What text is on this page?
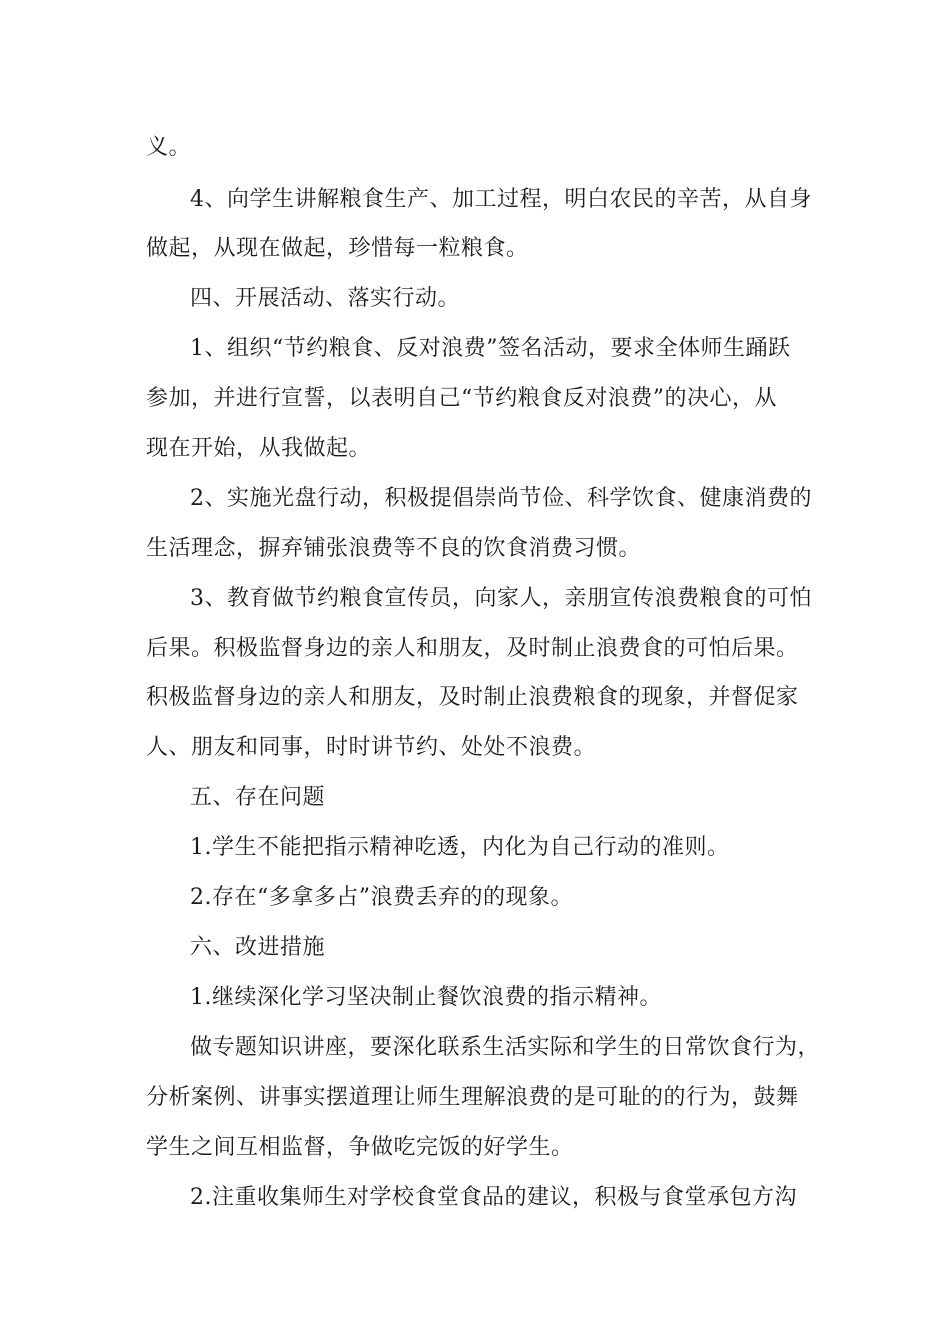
义。
4、向学生讲解粮食生产、加工过程，明白农民的辛苦，从自身
做起，从现在做起，珍惜每一粒粮食。
四、开展活动、落实行动。
1、组织“节约粮食、反对浪费”签名活动，要求全体师生踊跃
参加，并进行宣誓，以表明自己“节约粮食反对浪费”的决心，从
现在开始，从我做起。
2、实施光盘行动，积极提倡崇尚节俭、科学饮食、健康消费的
生活理念，摒弃铺张浪费等不良的饮食消费习惯。
3、教育做节约粮食宣传员，向家人，亲朋宣传浪费粮食的可怕
后果。积极监督身边的亲人和朋友，及时制止浪费食的可怕后果。
积极监督身边的亲人和朋友，及时制止浪费粮食的现象，并督促家
人、朋友和同事，时时讲节约、处处不浪费。
五、存在问题
1.学生不能把指示精神吃透，内化为自己行动的准则。
2.存在“多拿多占”浪费丢弃的的现象。
六、改进措施
1.继续深化学习坚决制止餐饮浪费的指示精神。
做专题知识讲座，要深化联系生活实际和学生的日常饮食行为，
分析案例、讲事实摆道理让师生理解浪费的是可耻的的行为，鼓舞
学生之间互相监督，争做吃完饭的好学生。
2.注重收集师生对学校食堂食品的建议，积极与食堂承包方沟
